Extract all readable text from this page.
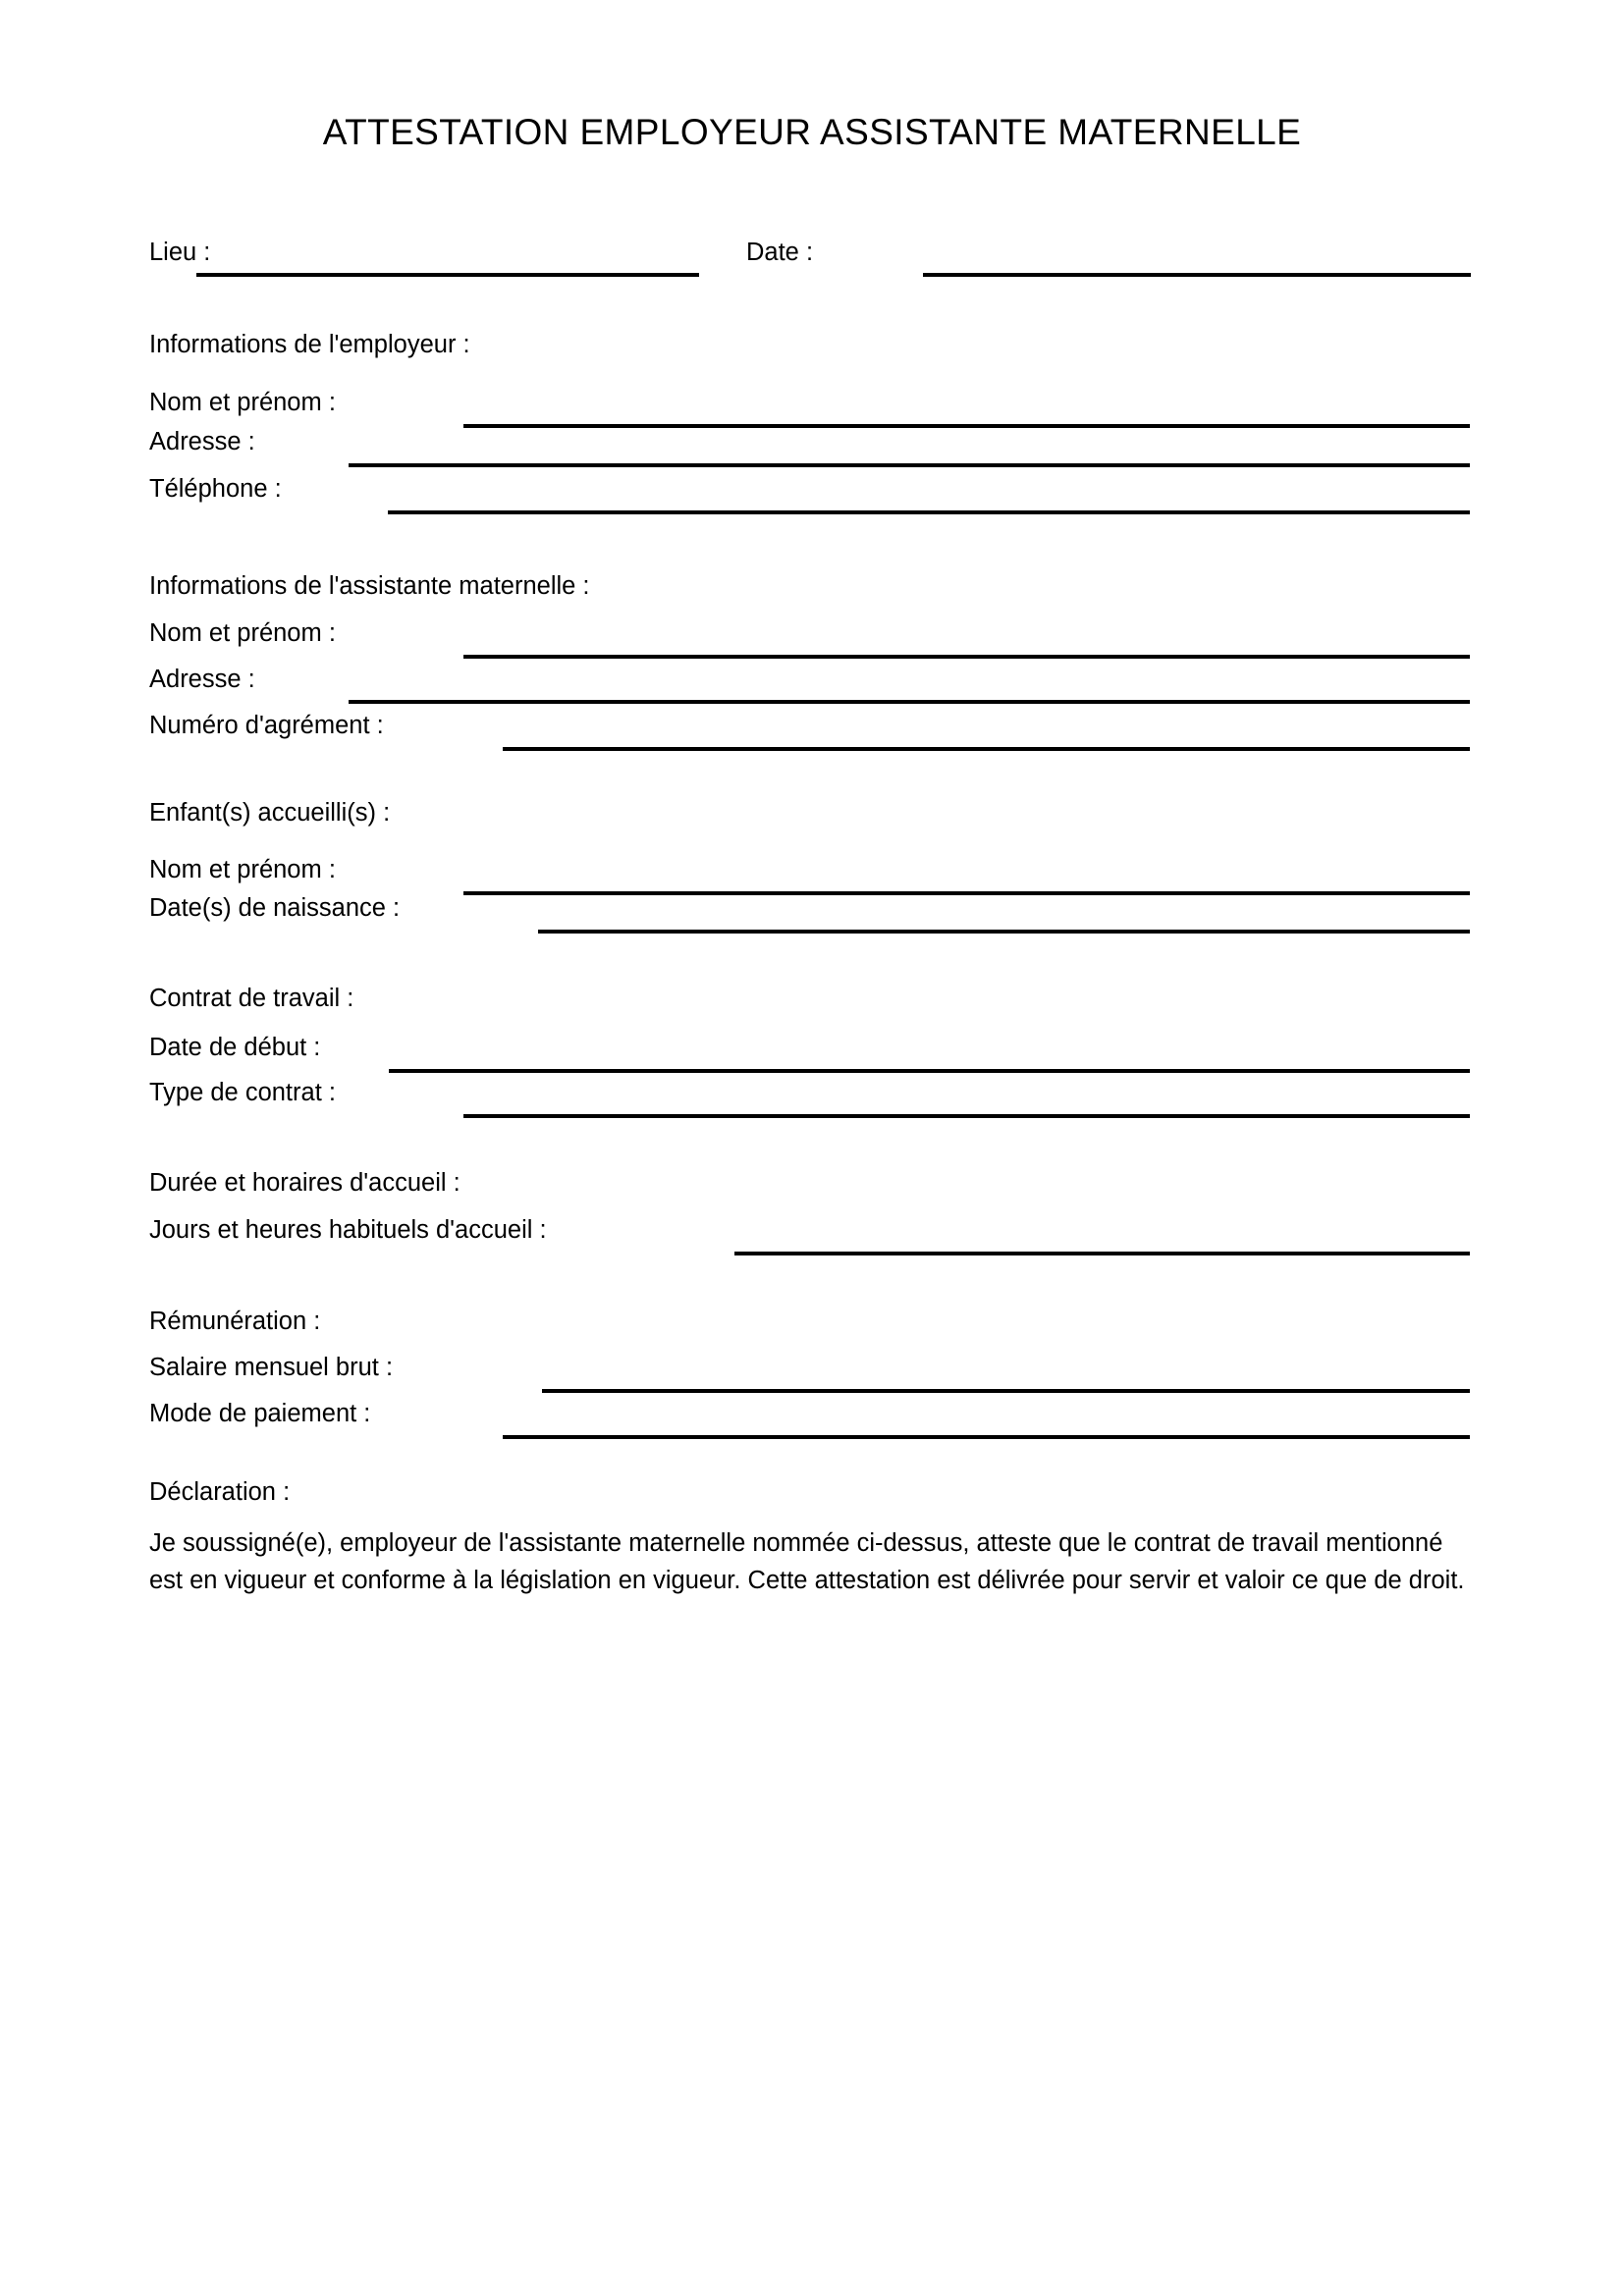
ATTESTATION EMPLOYEUR ASSISTANTE MATERNELLE
Lieu :	Date :
Informations de l'employeur :
Nom et prénom :
Adresse :
Téléphone :
Informations de l'assistante maternelle :
Nom et prénom :
Adresse :
Numéro d'agrément :
Enfant(s) accueilli(s) :
Nom et prénom :
Date(s) de naissance :
Contrat de travail :
Date de début :
Type de contrat :
Durée et horaires d'accueil :
Jours et heures habituels d'accueil :
Rémunération :
Salaire mensuel brut :
Mode de paiement :
Déclaration :
Je soussigné(e), employeur de l'assistante maternelle nommée ci-dessus, atteste que le contrat de travail mentionné est en vigueur et conforme à la législation en vigueur. Cette attestation est délivrée pour servir et valoir ce que de droit.
